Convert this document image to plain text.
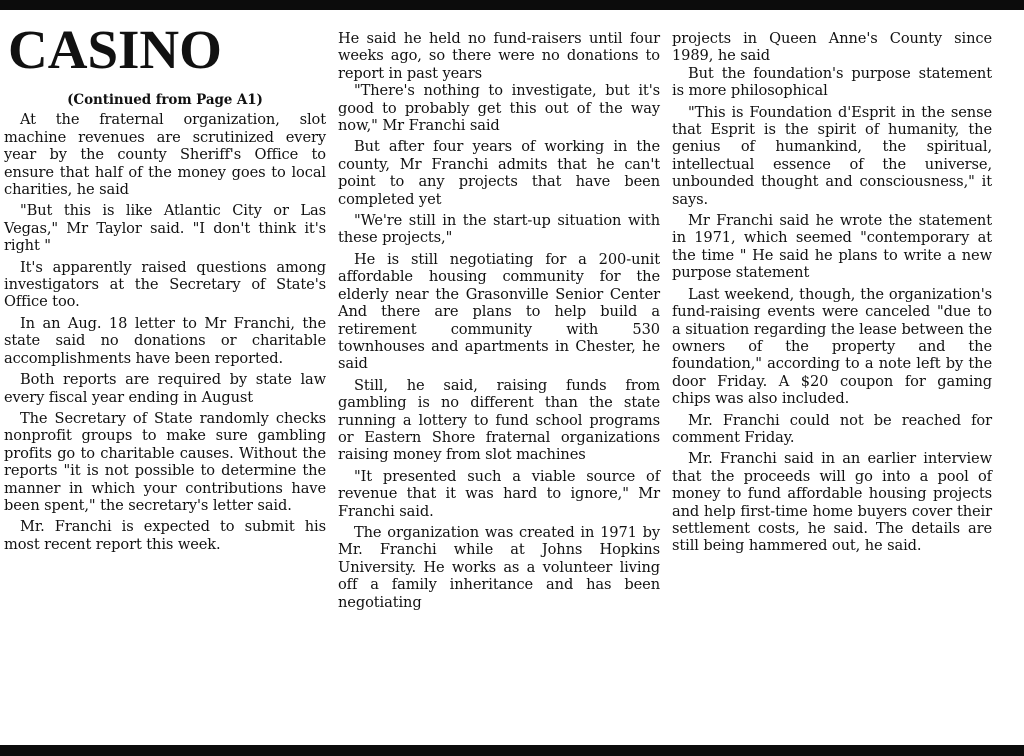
CASINO
(Continued from Page A1)

At the fraternal organization, slot machine revenues are scrutinized every year by the county Sheriff's Office to ensure that half of the money goes to local charities, he said

"But this is like Atlantic City or Las Vegas," Mr Taylor said. "I don't think it's right "

It's apparently raised questions among investigators at the Secretary of State's Office too.

In an Aug. 18 letter to Mr Franchi, the state said no donations or charitable accomplishments have been reported.

Both reports are required by state law every fiscal year ending in August

The Secretary of State randomly checks nonprofit groups to make sure gambling profits go to charitable causes. Without the reports "it is not possible to determine the manner in which your contributions have been spent," the secretary's letter said.

Mr. Franchi is expected to submit his most recent report this week.

He said he held no fund-raisers until four weeks ago, so there were no donations to report in past years

"There's nothing to investigate, but it's good to probably get this out of the way now," Mr Franchi said

But after four years of working in the county, Mr Franchi admits that he can't point to any projects that have been completed yet

"We're still in the start-up situation with these projects,"

He is still negotiating for a 200-unit affordable housing community for the elderly near the Grasonville Senior Center And there are plans to help build a retirement community with 530 townhouses and apartments in Chester, he said

Still, he said, raising funds from gambling is no different than the state running a lottery to fund school programs or Eastern Shore fraternal organizations raising money from slot machines

"It presented such a viable source of revenue that it was hard to ignore," Mr Franchi said.

The organization was created in 1971 by Mr. Franchi while at Johns Hopkins University. He works as a volunteer living off a family inheritance and has been negotiating

projects in Queen Anne's County since 1989, he said

But the foundation's purpose statement is more philosophical

"This is Foundation d'Esprit in the sense that Esprit is the spirit of humanity, the genius of humankind, the spiritual, intellectual essence of the universe, unbounded thought and consciousness," it says.

Mr Franchi said he wrote the statement in 1971, which seemed "contemporary at the time " He said he plans to write a new purpose statement

Last weekend, though, the organization's fund-raising events were canceled "due to a situation regarding the lease between the owners of the property and the foundation," according to a note left by the door Friday. A $20 coupon for gaming chips was also included.

Mr. Franchi could not be reached for comment Friday.

Mr. Franchi said in an earlier interview that the proceeds will go into a pool of money to fund affordable housing projects and help first-time home buyers cover their settlement costs, he said. The details are still being hammered out, he said.
